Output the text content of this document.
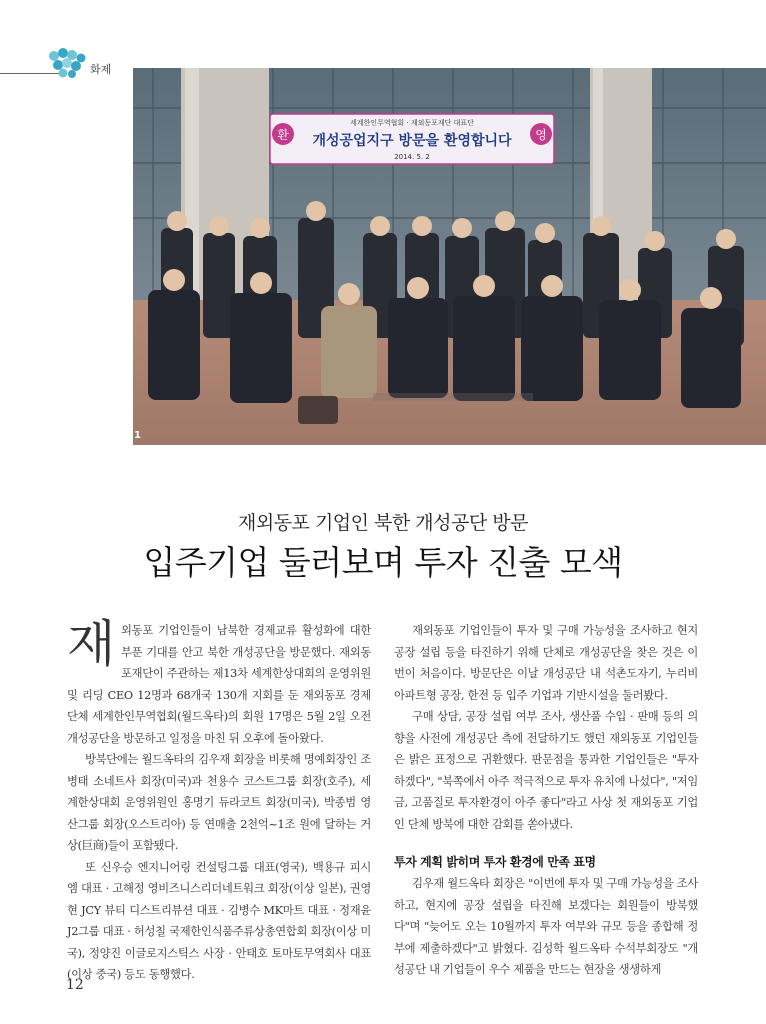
화제
환	영
세계한인무역협회 · 재외동포재단 대표단
개성공업지구 방문을 환영합니다
2014. 5. 2
1
재외동포 기업인 북한 개성공단 방문
입주기업 둘러보며 투자 진출 모색

재외동포 기업인들이 남북한 경제교류 활성화에 대한 부푼 기대를 안고 북한 개성공단을 방문했다. 재외동포재단이 주관하는 제13차 세계한상대회의 운영위원 및 리딩 CEO 12명과 68개국 130개 지회를 둔 재외동포 경제단체 세계한인무역협회(월드옥타)의 회원 17명은 5월 2일 오전 개성공단을 방문하고 일정을 마친 뒤 오후에 돌아왔다.

방북단에는 월드옥타의 김우재 회장을 비롯해 명예회장인 조병태 소네트사 회장(미국)과 천용수 코스트그룹 회장(호주), 세계한상대회 운영위원인 홍명기 듀라코트 회장(미국), 박종범 영산그룹 회장(오스트리아) 등 연매출 2천억~1조 원에 달하는 거상(巨商)들이 포함됐다.

또 신우승 엔지니어링 컨설팅그룹 대표(영국), 백용규 피시엠 대표 · 고해정 영비즈니스리더네트워크 회장(이상 일본), 권영현 JCY 뷰티 디스트리뷰션 대표 · 김병수 MK마트 대표 · 정재윤 J2그룹 대표 · 허성칠 국제한인식품주류상총연합회 회장(이상 미국), 정양진 이글로지스틱스 사장 · 안태호 토마토무역회사 대표(이상 중국) 등도 동행했다.

재외동포 기업인들이 투자 및 구매 가능성을 조사하고 현지 공장 설립 등을 타진하기 위해 단체로 개성공단을 찾은 것은 이번이 처음이다. 방문단은 이날 개성공단 내 석촌도자기, 누리비아파트형 공장, 한전 등 입주 기업과 기반시설을 둘러봤다.

구매 상담, 공장 설립 여부 조사, 생산품 수입 · 판매 등의 의향을 사전에 개성공단 측에 전달하기도 했던 재외동포 기업인들은 밝은 표정으로 귀환했다. 판문점을 통과한 기업인들은 "투자하겠다", "북쪽에서 아주 적극적으로 투자 유치에 나섰다", "저임금, 고품질로 투자환경이 아주 좋다"라고 사상 첫 재외동포 기업인 단체 방북에 대한 감회를 쏟아냈다.

투자 계획 밝히며 투자 환경에 만족 표명

김우재 월드옥타 회장은 "이번에 투자 및 구매 가능성을 조사하고, 현지에 공장 설립을 타진해 보겠다는 회원들이 방북했다"며 "늦어도 오는 10월까지 투자 여부와 규모 등을 종합해 정부에 제출하겠다"고 밝혔다. 김성학 월드옥타 수석부회장도 "개성공단 내 기업들이 우수 제품을 만드는 현장을 생생하게

12
